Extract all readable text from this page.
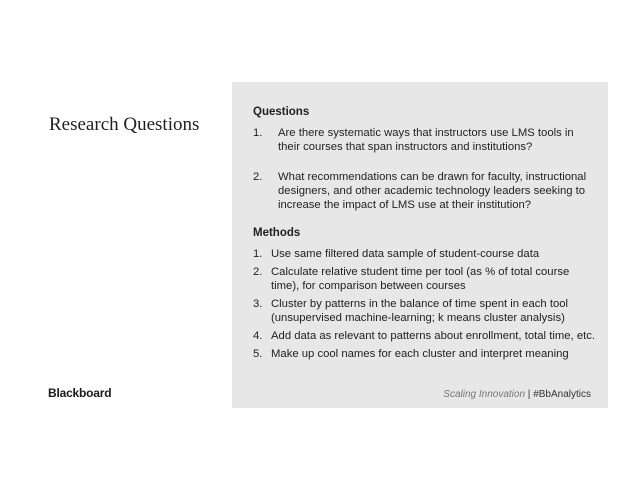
Research Questions
Questions
1.	Are there systematic ways that instructors use LMS tools in their courses that span instructors and institutions?
2.	What recommendations can be drawn for faculty, instructional designers, and other academic technology leaders seeking to increase the impact of LMS use at their institution?
Methods
1. Use same filtered data sample of student-course data
2. Calculate relative student time per tool (as % of total course time), for comparison between courses
3. Cluster by patterns in the balance of time spent in each tool (unsupervised machine-learning; k means cluster analysis)
4. Add data as relevant to patterns about enrollment, total time, etc.
5. Make up cool names for each cluster and interpret meaning
Blackboard	Scaling Innovation | #BbAnalytics
